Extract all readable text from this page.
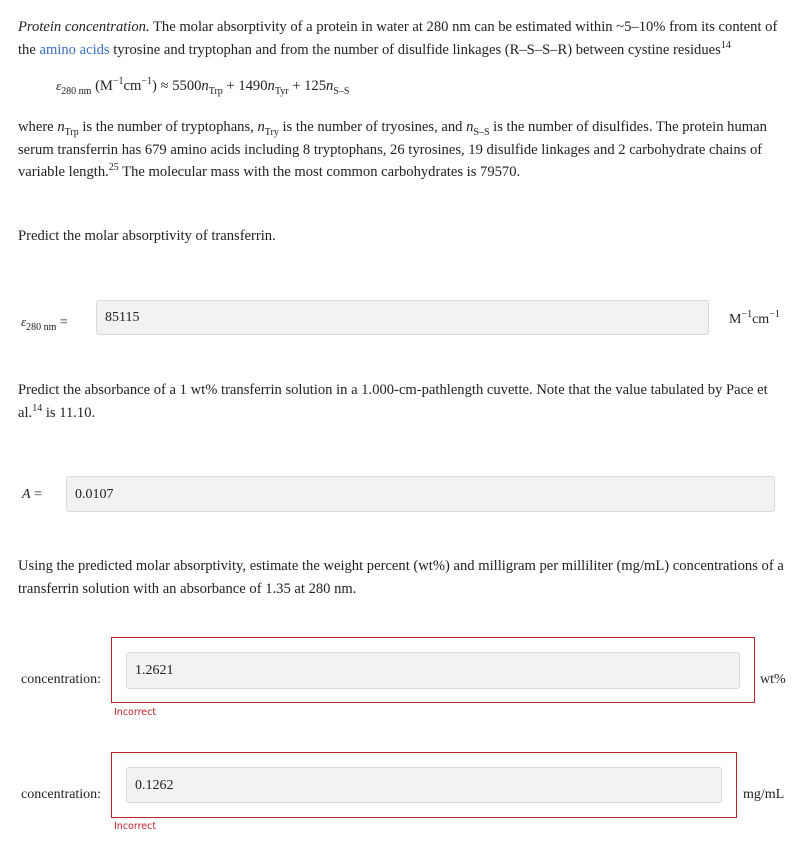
Protein concentration. The molar absorptivity of a protein in water at 280 nm can be estimated within ~5–10% from its content of the amino acids tyrosine and tryptophan and from the number of disulfide linkages (R–S–S–R) between cystine residues$^{14}$
$\varepsilon_{280 nm}$ $(M^{-1}cm^{-1}) \approx 5500n_{Trp} + 1490n_{Tyr} + 125n_{S-S}$
where $n_{Trp}$ is the number of tryptophans, $n_{Try}$ is the number of tryosines, and $n_{S-S}$ is the number of disulfides. The protein human serum transferrin has 679 amino acids including 8 tryptophans, 26 tyrosines, 19 disulfide linkages and 2 carbohydrate chains of variable length.$^{25}$ The molecular mass with the most common carbohydrates is 79570.
Predict the molar absorptivity of transferrin.
$\varepsilon_{280 nm}$ =	85115	$M^{-1}cm^{-1}$
Predict the absorbance of a 1 wt% transferrin solution in a 1.000-cm-pathlength cuvette. Note that the value tabulated by Pace et al.$^{14}$ is 11.10.
A =	0.0107
Using the predicted molar absorptivity, estimate the weight percent (wt%) and milligram per milliliter (mg/mL) concentrations of a transferrin solution with an absorbance of 1.35 at 280 nm.
concentration:
1.2621
wt%
Incorrect
concentration:
0.1262
mg/mL
Incorrect
